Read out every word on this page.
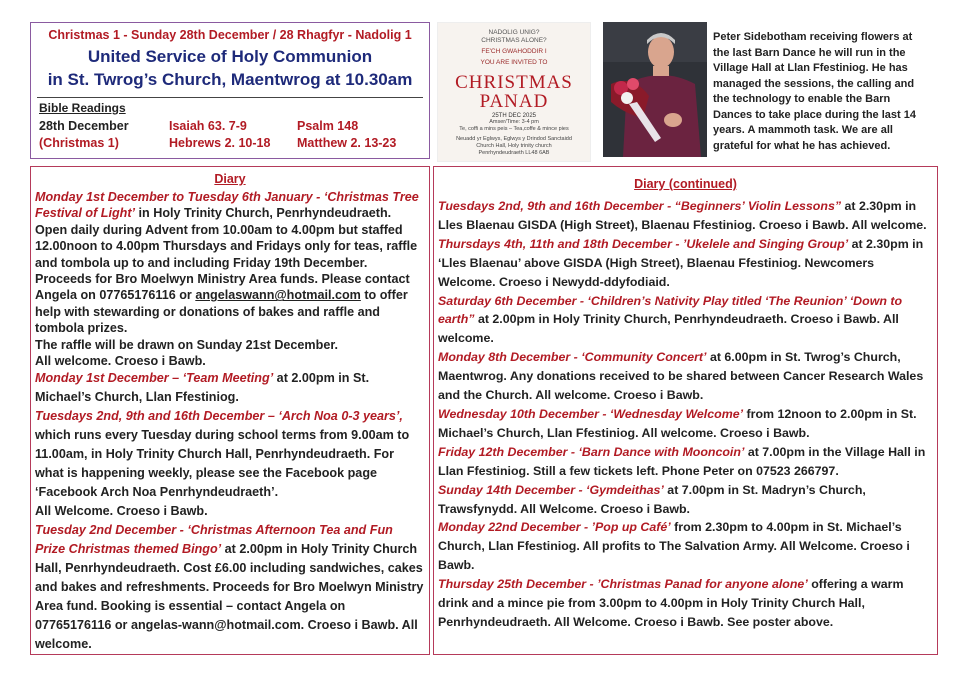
Christmas 1 - Sunday 28th December / 28 Rhagfyr - Nadolig 1
United Service of Holy Communion
in St. Twrog’s Church, Maentwrog at 10.30am
Bible Readings
28th December	Isaiah 63. 7-9	Psalm 148
(Christmas 1)	Hebrews 2. 10-18	Matthew 2. 13-23
NADOLIG UNIG?
CHRISTMAS ALONE?
FE'CH GWAHODDIR I
YOU ARE INVITED TO
CHRISTMAS
PANAD
25TH DEC 2025
Amser/Time: 3-4 pm
Te, coffi a mins peis – Tea,coffe & mince pies
Neuadd yr Eglwys, Eglwys y Drindod Sanctaidd
Church Hall, Holy trinity church
Penrhyndeudraeth LL48 6AB
Peter Sidebotham receiving flowers at the last Barn Dance he will run in the Village Hall at Llan Ffestiniog. He has managed the sessions, the calling and the technology to enable the Barn Dances to take place during the last 14 years. A mammoth task. We are all grateful for what he has achieved.
Diary

Monday 1st December to Tuesday 6th January - ‘Christmas Tree Festival of Light’ in Holy Trinity Church, Penrhyndeudraeth. Open daily during Advent from 10.00am to 4.00pm but staffed 12.00noon to 4.00pm Thursdays and Fridays only for teas, raffle and tombola up to and including Friday 19th December. Proceeds for Bro Moelwyn Ministry Area funds. Please contact Angela on 07765176116 or angelaswann@hotmail.com to offer help with stewarding or donations of bakes and raffle and tombola prizes.

The raffle will be drawn on Sunday 21st December.

All welcome. Croeso i Bawb.

Monday 1st December – ‘Team Meeting’ at 2.00pm in St. Michael’s Church, Llan Ffestiniog.

Tuesdays 2nd, 9th and 16th December – ‘Arch Noa 0-3 years’, which runs every Tuesday during school terms from 9.00am to 11.00am, in Holy Trinity Church Hall, Penrhyndeudraeth. For what is happening weekly, please see the Facebook page ‘Facebook Arch Noa Penrhyndeudraeth’.

All Welcome. Croeso i Bawb.

Tuesday 2nd December - ‘Christmas Afternoon Tea and Fun Prize Christmas themed Bingo’ at 2.00pm in Holy Trinity Church Hall, Penrhyndeudraeth. Cost £6.00 including sandwiches, cakes and bakes and refreshments. Proceeds for Bro Moelwyn Ministry Area fund. Booking is essential – contact Angela on 07765176116 or angelas-wann@hotmail.com. Croeso i Bawb. All welcome.

Diary (continued)

Tuesdays 2nd, 9th and 16th December - “Beginners’ Violin Lessons” at 2.30pm in Lles Blaenau GISDA (High Street), Blaenau Ffestiniog. Croeso i Bawb. All welcome.

Thursdays 4th, 11th and 18th December - ’Ukelele and Singing Group’ at 2.30pm in ‘Lles Blaenau’ above GISDA (High Street), Blaenau Ffestiniog. Newcomers Welcome. Croeso i Newydd-ddyfodiaid.

Saturday 6th December - ‘Children’s Nativity Play titled ‘The Reunion’ ‘Down to earth” at 2.00pm in Holy Trinity Church, Penrhyndeudraeth. Croeso i Bawb. All welcome.

Monday 8th December - ‘Community Concert’ at 6.00pm in St. Twrog’s Church, Maentwrog. Any donations received to be shared between Cancer Research Wales and the Church. All welcome. Croeso i Bawb.

Wednesday 10th December - ‘Wednesday Welcome’ from 12noon to 2.00pm in St. Michael’s Church, Llan Ffestiniog. All welcome. Croeso i Bawb.

Friday 12th December - ‘Barn Dance with Mooncoin’ at 7.00pm in the Village Hall in Llan Ffestiniog. Still a few tickets left. Phone Peter on 07523 266797.

Sunday 14th December - ‘Gymdeithas’ at 7.00pm in St. Madryn’s Church, Trawsfynydd. All Welcome. Croeso i Bawb.

Monday 22nd December - ’Pop up Café’ from 2.30pm to 4.00pm in St. Michael’s Church, Llan Ffestiniog. All profits to The Salvation Army. All Welcome. Croeso i Bawb.

Thursday 25th December - ’Christmas Panad for anyone alone’ offering a warm drink and a mince pie from 3.00pm to 4.00pm in Holy Trinity Church Hall, Penrhyndeudraeth. All Welcome. Croeso i Bawb. See poster above.
